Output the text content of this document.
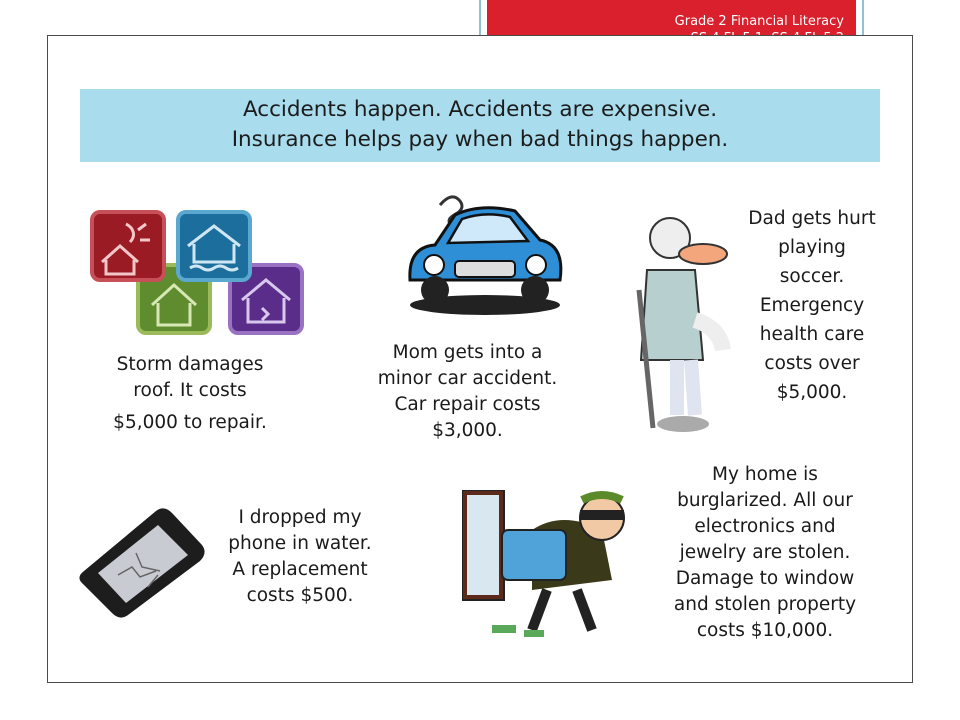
Grade 2 Financial Literacy
Accidents happen. Accidents are expensive.
Insurance helps pay when bad things happen.
Storm damages
roof. It costs
$5,000 to repair.
Mom gets into a
minor car accident.
Car repair costs
$3,000.
Dad gets hurt
playing
soccer.
Emergency
health care
costs over
$5,000.
I dropped my
phone in water.
A replacement
costs $500.
My home is
burglarized. All our
electronics and
jewelry are stolen.
Damage to window
and stolen property
costs $10,000.
